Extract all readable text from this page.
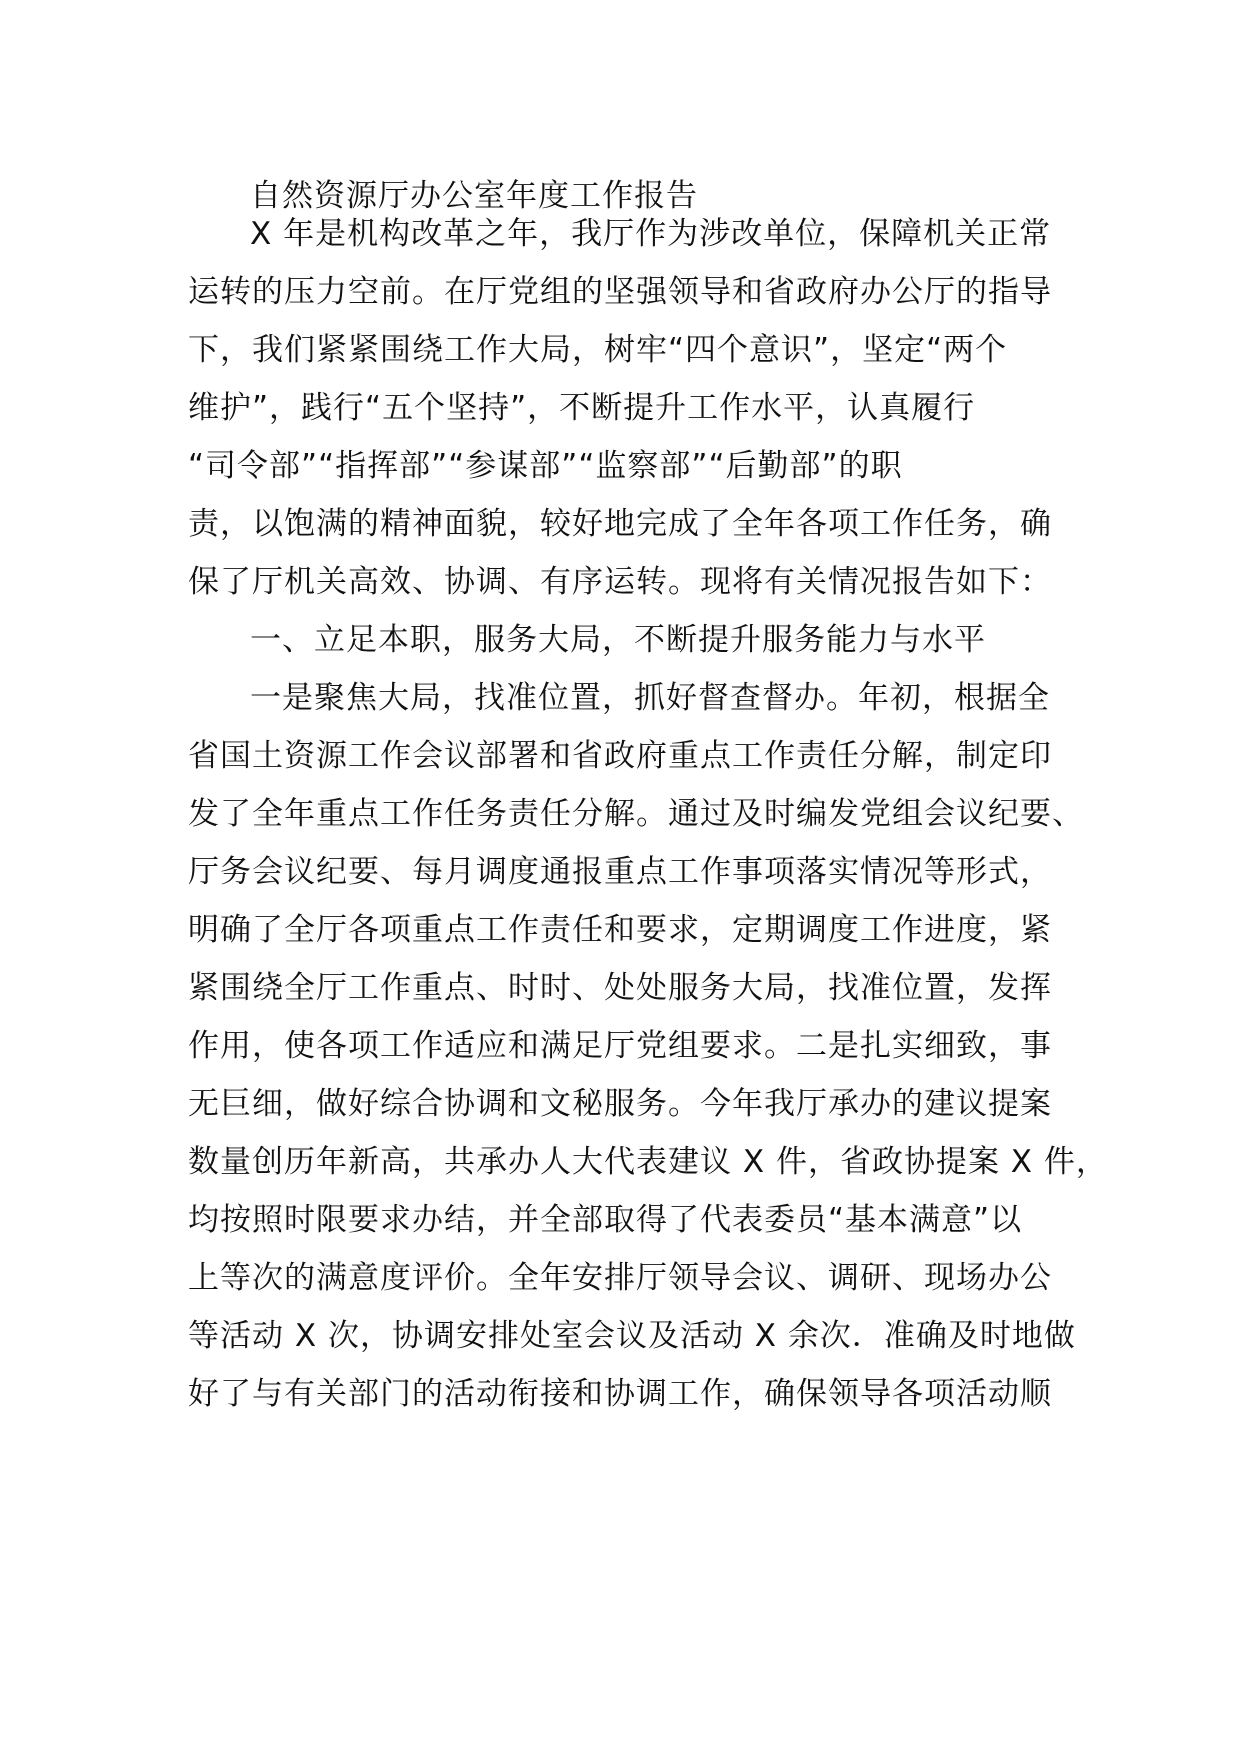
自然资源厅办公室年度工作报告
X 年是机构改革之年，我厅作为涉改单位，保障机关正常
运转的压力空前。在厅党组的坚强领导和省政府办公厅的指导
下，我们紧紧围绕工作大局，树牢“四个意识”，坚定“两个
维护”，践行“五个坚持”，不断提升工作水平，认真履行
“司令部”“指挥部”“参谋部”“监察部”“后勤部”的职
责，以饱满的精神面貌，较好地完成了全年各项工作任务，确
保了厅机关高效、协调、有序运转。现将有关情况报告如下：
一、立足本职，服务大局，不断提升服务能力与水平
一是聚焦大局，找准位置，抓好督查督办。年初，根据全
省国土资源工作会议部署和省政府重点工作责任分解，制定印
发了全年重点工作任务责任分解。通过及时编发党组会议纪要、
厅务会议纪要、每月调度通报重点工作事项落实情况等形式，
明确了全厅各项重点工作责任和要求，定期调度工作进度，紧
紧围绕全厅工作重点、时时、处处服务大局，找准位置，发挥
作用，使各项工作适应和满足厅党组要求。二是扎实细致，事
无巨细，做好综合协调和文秘服务。今年我厅承办的建议提案
数量创历年新高，共承办人大代表建议 X 件，省政协提案 X 件，
均按照时限要求办结，并全部取得了代表委员“基本满意”以
上等次的满意度评价。全年安排厅领导会议、调研、现场办公
等活动 X 次，协调安排处室会议及活动 X 余次．准确及时地做
好了与有关部门的活动衔接和协调工作，确保领导各项活动顺
